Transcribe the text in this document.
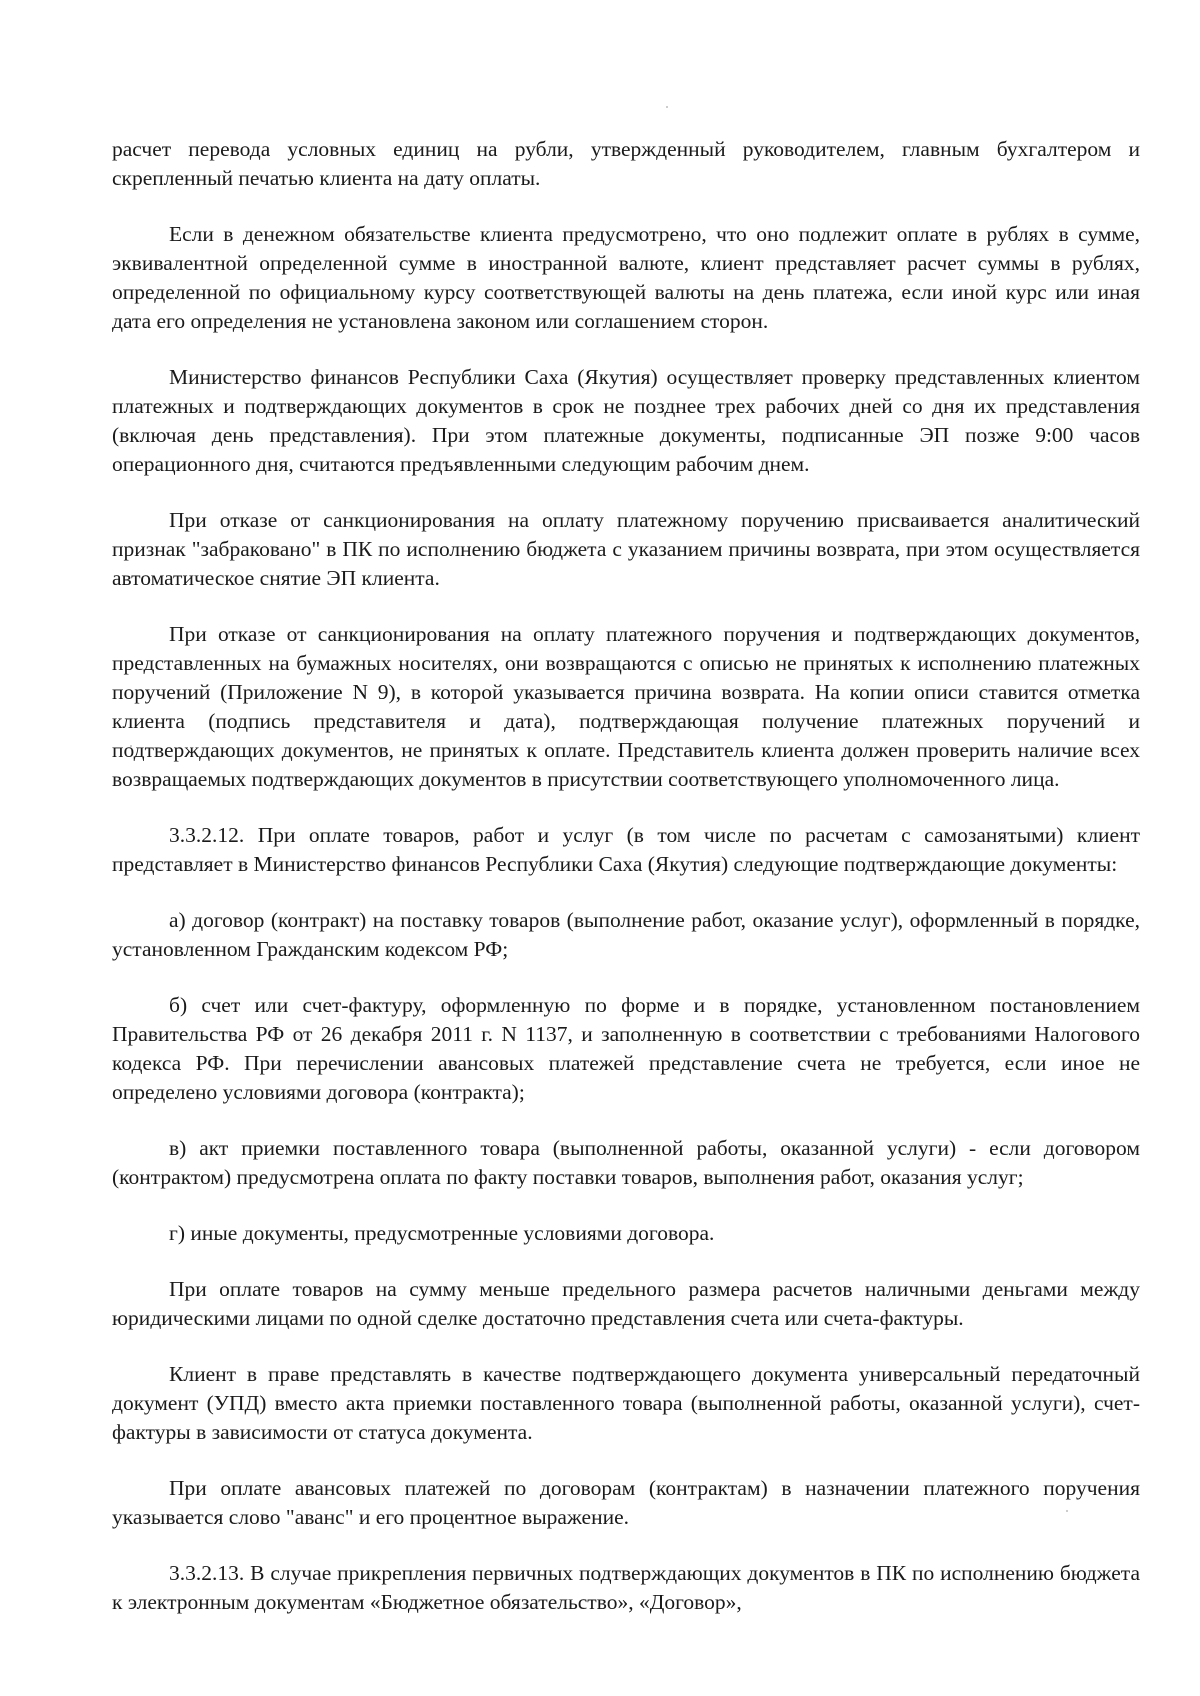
расчет перевода условных единиц на рубли, утвержденный руководителем, главным бухгалтером и скрепленный печатью клиента на дату оплаты.

Если в денежном обязательстве клиента предусмотрено, что оно подлежит оплате в рублях в сумме, эквивалентной определенной сумме в иностранной валюте, клиент представляет расчет суммы в рублях, определенной по официальному курсу соответствующей валюты на день платежа, если иной курс или иная дата его определения не установлена законом или соглашением сторон.

Министерство финансов Республики Саха (Якутия) осуществляет проверку представленных клиентом платежных и подтверждающих документов в срок не позднее трех рабочих дней со дня их представления (включая день представления). При этом платежные документы, подписанные ЭП позже 9:00 часов операционного дня, считаются предъявленными следующим рабочим днем.

При отказе от санкционирования на оплату платежному поручению присваивается аналитический признак "забраковано" в ПК по исполнению бюджета с указанием причины возврата, при этом осуществляется автоматическое снятие ЭП клиента.

При отказе от санкционирования на оплату платежного поручения и подтверждающих документов, представленных на бумажных носителях, они возвращаются с описью не принятых к исполнению платежных поручений (Приложение N 9), в которой указывается причина возврата. На копии описи ставится отметка клиента (подпись представителя и дата), подтверждающая получение платежных поручений и подтверждающих документов, не принятых к оплате. Представитель клиента должен проверить наличие всех возвращаемых подтверждающих документов в присутствии соответствующего уполномоченного лица.

3.3.2.12. При оплате товаров, работ и услуг (в том числе по расчетам с самозанятыми) клиент представляет в Министерство финансов Республики Саха (Якутия) следующие подтверждающие документы:

а) договор (контракт) на поставку товаров (выполнение работ, оказание услуг), оформленный в порядке, установленном Гражданским кодексом РФ;

б) счет или счет-фактуру, оформленную по форме и в порядке, установленном постановлением Правительства РФ от 26 декабря 2011 г. N 1137, и заполненную в соответствии с требованиями Налогового кодекса РФ. При перечислении авансовых платежей представление счета не требуется, если иное не определено условиями договора (контракта);

в) акт приемки поставленного товара (выполненной работы, оказанной услуги) - если договором (контрактом) предусмотрена оплата по факту поставки товаров, выполнения работ, оказания услуг;

г) иные документы, предусмотренные условиями договора.

При оплате товаров на сумму меньше предельного размера расчетов наличными деньгами между юридическими лицами по одной сделке достаточно представления счета или счета-фактуры.

Клиент в праве представлять в качестве подтверждающего документа универсальный передаточный документ (УПД) вместо акта приемки поставленного товара (выполненной работы, оказанной услуги), счет-фактуры в зависимости от статуса документа.

При оплате авансовых платежей по договорам (контрактам) в назначении платежного поручения указывается слово "аванс" и его процентное выражение.

3.3.2.13. В случае прикрепления первичных подтверждающих документов в ПК по исполнению бюджета к электронным документам «Бюджетное обязательство», «Договор»,
